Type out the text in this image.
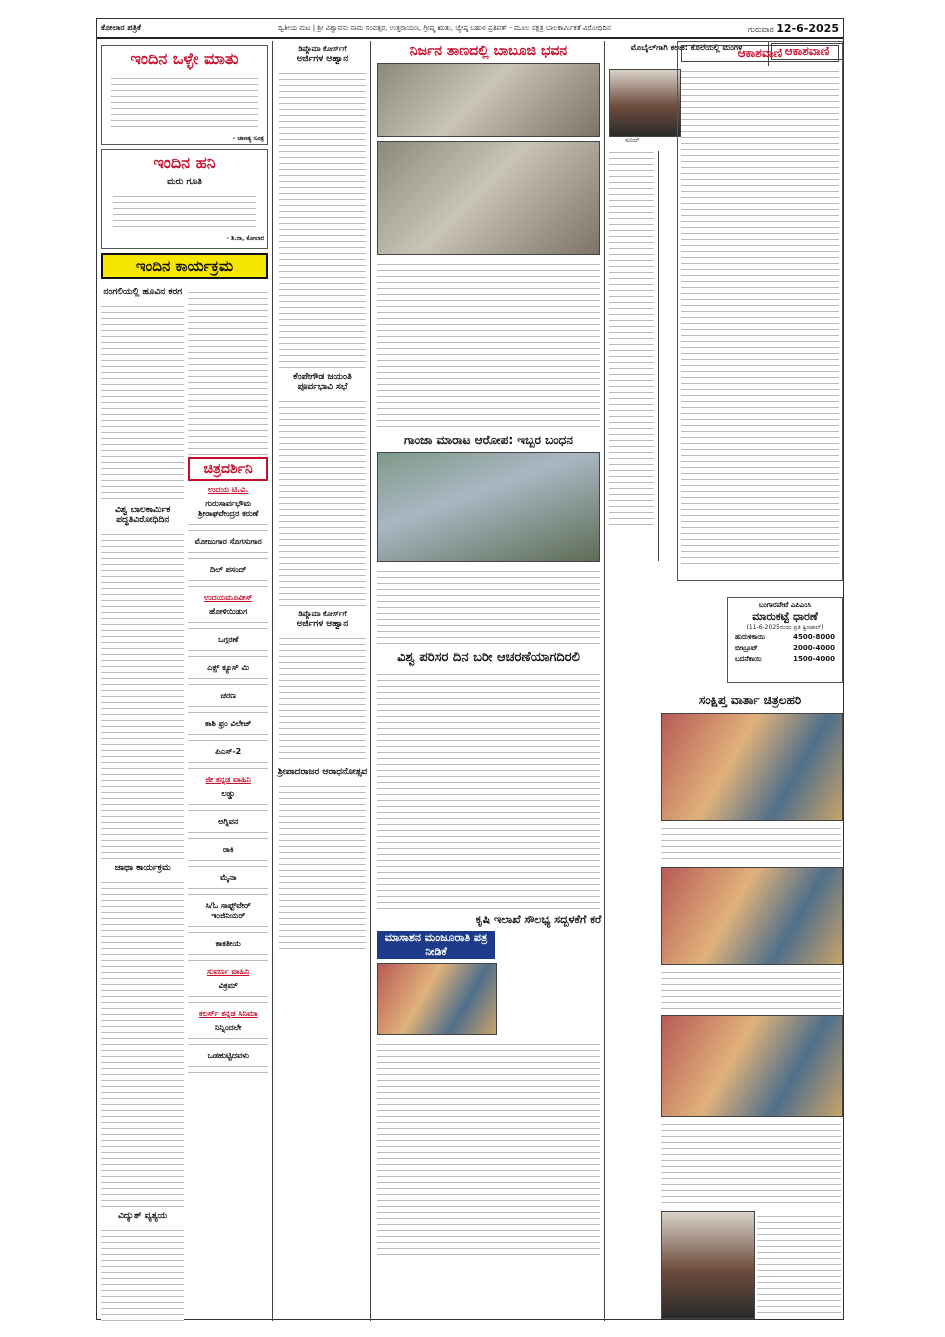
ಕೋಲಾರ ಪತ್ರಿಕೆ	ದ್ವಿತೀಯ ಮಟ | ಶ್ರೀ ವಿಶ್ವಾವಸು ನಾಮ ಸಂವತ್ಸರ, ಉತ್ತರಾಯಣ, ಗ್ರೀಷ್ಮ ಋತು, ಜ್ಯೇಷ್ಠ ಬಹುಳ ಪ್ರತಿಪತ್ - ಮೂಲ ನಕ್ಷತ್ರ ಬಾಲಕಾರ್ಮಿಕತೆ ವಿರೋಧಿದಿನ	ಗುರುವಾರ 12-6-2025
ಇಂದಿನ ಒಳ್ಳೇ ಮಾತು
- ಚಾಣಕ್ಯ ಸೂತ್ರ
ಇಂದಿನ ಹನಿ
ಮರು ಗೂತಿ
- ಶಿ.ರಾ, ಕೋಲಾರ
ಇಂದಿನ ಕಾರ್ಯಕ್ರಮ
ನಂಗಲಿಯಲ್ಲಿ ಹೂವಿನ ಕರಗ
ವಿಶ್ವ ಬಾಲಕಾರ್ಮಿಕ ಪದ್ಧತಿವಿರೋಧಿದಿನ
ಜಾಥಾ ಕಾರ್ಯಕ್ರಮ
ವಿದ್ಯುತ್ ವ್ಯತ್ಯಯ
ಚಿತ್ರದರ್ಶಿನಿ
ಉದಯ ಟಿ.ವಿ.
ಗುರುಸಾರ್ವಭೌಮ ಶ್ರೀರಾಘವೇಂದ್ರರ ಕರುಣೆ
ಮೋಜುಗಾರ ಸೊಗಸುಗಾರ
ದಿಲ್ ಪಸಂದ್
ಉದಯಮೂವೀಸ್
ಹೋಳಿಯಿಡುಗ
ಒಗ್ಗರಣೆ
ಎಕ್ಸ್ ಕ್ಯೂಸ್ ಮಿ
ಚರಣ
ಕಾಶಿ ಫ್ರಂ ವಿಲೇಜ್
ಪಿಎಸ್-2
ಜೀ ಕನ್ನಡ ವಾಹಿನಿ
ಲಡ್ಡು
ಅಗ್ನಿವನ
ರಾಕಿ
ಮೈನಾ
ಸಿ/ಓ ಸಾಫ್ಟ್‌ವೇರ್ ಇಂಜಿನಿಯರ್
ಕಾಕತೀಯ
ಸುವರ್ಣ ವಾಹಿನಿ
ವಿಕ್ರಮ್
ಕಲರ್ಸ್ ಕನ್ನಡ ಸಿನಿಮಾ
ನಿನ್ನಿಂದಲೇ
ಒಡಹುಟ್ಟಿದವಳು
ಡಿಪ್ಲೊಮಾ ಕೋರ್ಸ್‌ಗೆ
ಅರ್ಜಿಗಳ ಆಹ್ವಾನ
ಕೆಂಪೇಗೌಡ ಜಯಂತಿ ಪೂರ್ವಭಾವಿ ಸಭೆ
ಡಿಪ್ಲೊಮಾ ಕೋರ್ಸ್‌ಗೆ
ಅರ್ಜಿಗಳ ಆಹ್ವಾನ
ಶ್ರೀಪಾದರಾಜರ ಆರಾಧನೋತ್ಸವ
ನಿರ್ಜನ ತಾಣದಲ್ಲಿ ಬಾಬೂಜಿ ಭವನ
ಗಾಂಜಾ ಮಾರಾಟ ಆರೋಪ: ಇಬ್ಬರ ಬಂಧನ
ವಿಶ್ವ ಪರಿಸರ ದಿನ ಬರೀ ಆಚರಣೆಯಾಗದಿರಲಿ
ಕೃಷಿ ಇಲಾಖೆ ಸೌಲಭ್ಯ ಸದ್ಬಳಕೆಗೆ ಕರೆ
ಮಾಸಾಶನ ಮಂಜೂರಾತಿ ಪತ್ರ ನೀಡಿಕೆ
ಮೊಬೈಲ್‌ಗಾಗಿ ಕಲಹ: ಕೊಲೆಯಲ್ಲಿ ಮಂಗಳ
ಸುನಿಲ್
ಆಕಾಶವಾಣಿ
ಆಕಾಶವಾಣಿ
ಬಂಗಾರಪೇಟೆ ಎಪಿಎಂಸಿ
ಮಾರುಕಟ್ಟೆ ಧಾರಣೆ
(11-6-2025ರಂದು ಪ್ರತಿ ಕ್ವಿಂಟಾಲ್)
ಹುರುಳಿಕಾಯಿ	4500-8000
ಬೀಟ್ರೂಟ್	2000-4000
ಬದನೆಕಾಯಿ	1500-4000
ಸಂಕ್ಷಿಪ್ತ ವಾರ್ತಾ ಚಿತ್ರಲಹರಿ
